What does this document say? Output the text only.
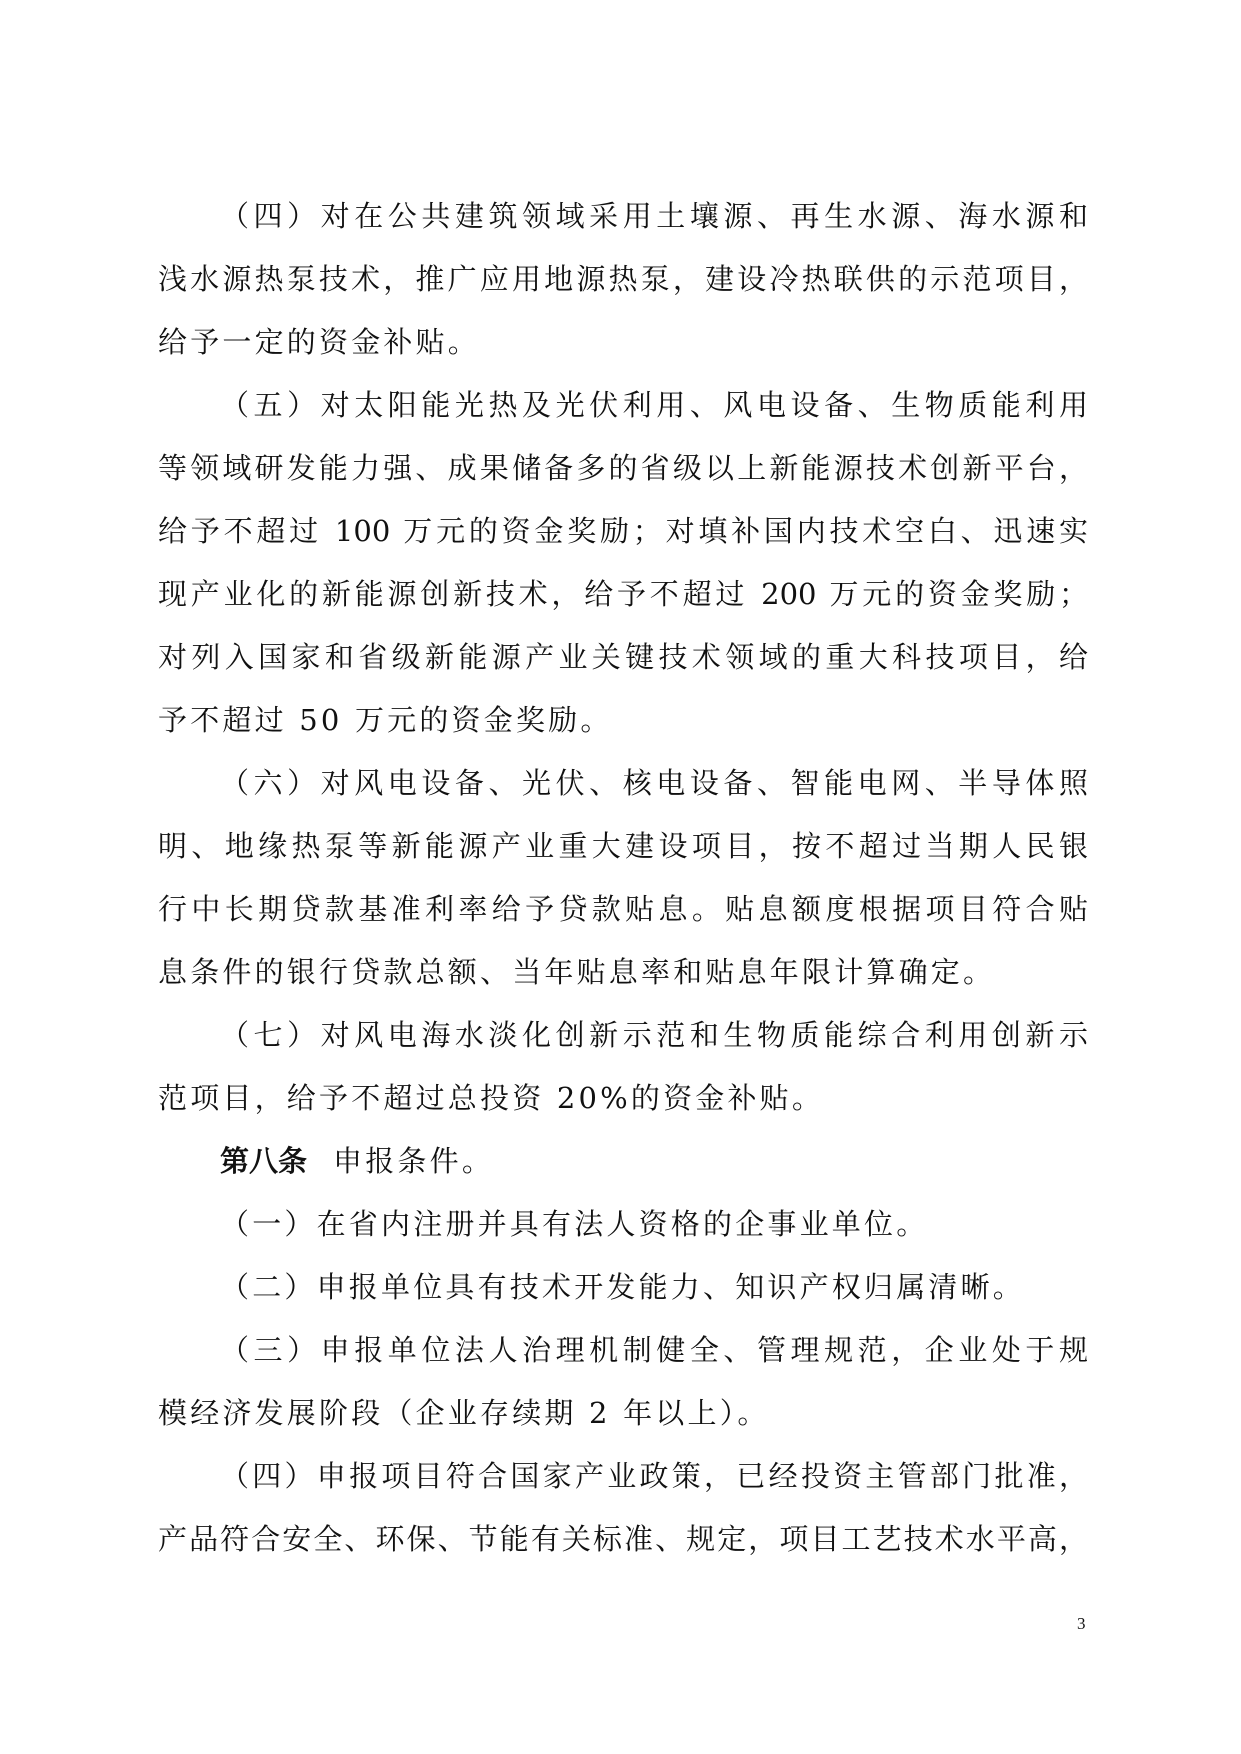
（四）对在公共建筑领域采用土壤源、再生水源、海水源和
浅水源热泵技术，推广应用地源热泵，建设冷热联供的示范项目，
给予一定的资金补贴。
（五）对太阳能光热及光伏利用、风电设备、生物质能利用
等领域研发能力强、成果储备多的省级以上新能源技术创新平台，
给予不超过 100 万元的资金奖励；对填补国内技术空白、迅速实
现产业化的新能源创新技术，给予不超过 200 万元的资金奖励；
对列入国家和省级新能源产业关键技术领域的重大科技项目，给
予不超过 50 万元的资金奖励。
（六）对风电设备、光伏、核电设备、智能电网、半导体照
明、地缘热泵等新能源产业重大建设项目，按不超过当期人民银
行中长期贷款基准利率给予贷款贴息。贴息额度根据项目符合贴
息条件的银行贷款总额、当年贴息率和贴息年限计算确定。
（七）对风电海水淡化创新示范和生物质能综合利用创新示
范项目，给予不超过总投资 20%的资金补贴。
第八条 申报条件。
（一）在省内注册并具有法人资格的企事业单位。
（二）申报单位具有技术开发能力、知识产权归属清晰。
（三）申报单位法人治理机制健全、管理规范，企业处于规
模经济发展阶段（企业存续期 2 年以上）。
（四）申报项目符合国家产业政策，已经投资主管部门批准，
产品符合安全、环保、节能有关标准、规定，项目工艺技术水平高，
3
